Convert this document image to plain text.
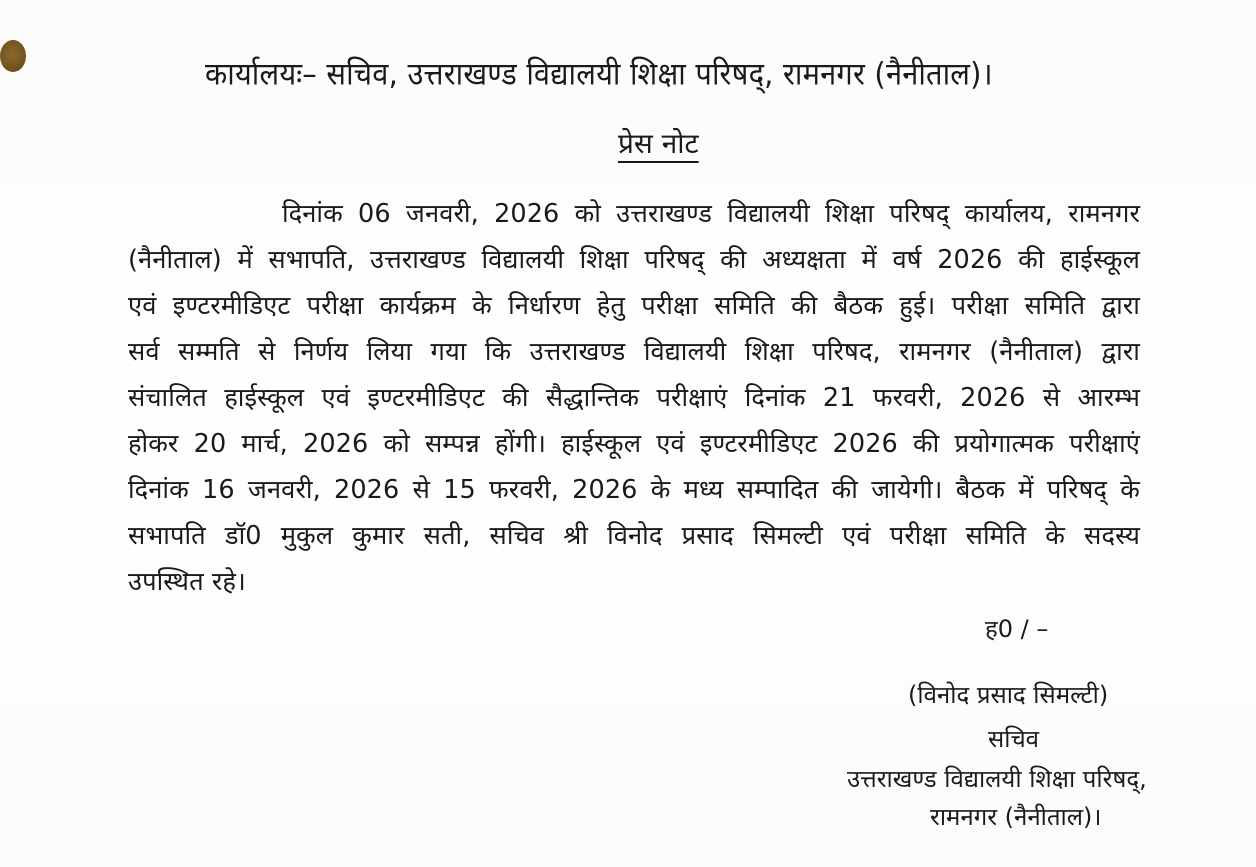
कार्यालयः– सचिव, उत्तराखण्ड विद्यालयी शिक्षा परिषद्, रामनगर (नैनीताल)।
प्रेस नोट
दिनांक 06 जनवरी, 2026 को उत्तराखण्ड विद्यालयी शिक्षा परिषद् कार्यालय, रामनगर
(नैनीताल) में सभापति, उत्तराखण्ड विद्यालयी शिक्षा परिषद् की अध्यक्षता में वर्ष 2026 की हाईस्कूल
एवं इण्टरमीडिएट परीक्षा कार्यक्रम के निर्धारण हेतु परीक्षा समिति की बैठक हुई। परीक्षा समिति द्वारा
सर्व सम्मति से निर्णय लिया गया कि उत्तराखण्ड विद्यालयी शिक्षा परिषद, रामनगर (नैनीताल) द्वारा
संचालित हाईस्कूल एवं इण्टरमीडिएट की सैद्धान्तिक परीक्षाएं दिनांक 21 फरवरी, 2026 से आरम्भ
होकर 20 मार्च, 2026 को सम्पन्न होंगी। हाईस्कूल एवं इण्टरमीडिएट 2026 की प्रयोगात्मक परीक्षाएं
दिनांक 16 जनवरी, 2026 से 15 फरवरी, 2026 के मध्य सम्पादित की जायेगी। बैठक में परिषद् के
सभापति डॉ0 मुकुल कुमार सती, सचिव श्री विनोद प्रसाद सिमल्टी एवं परीक्षा समिति के सदस्य
उपस्थित रहे।
ह0 / –
(विनोद प्रसाद सिमल्टी)
सचिव
उत्तराखण्ड विद्यालयी शिक्षा परिषद्,
रामनगर (नैनीताल)।
